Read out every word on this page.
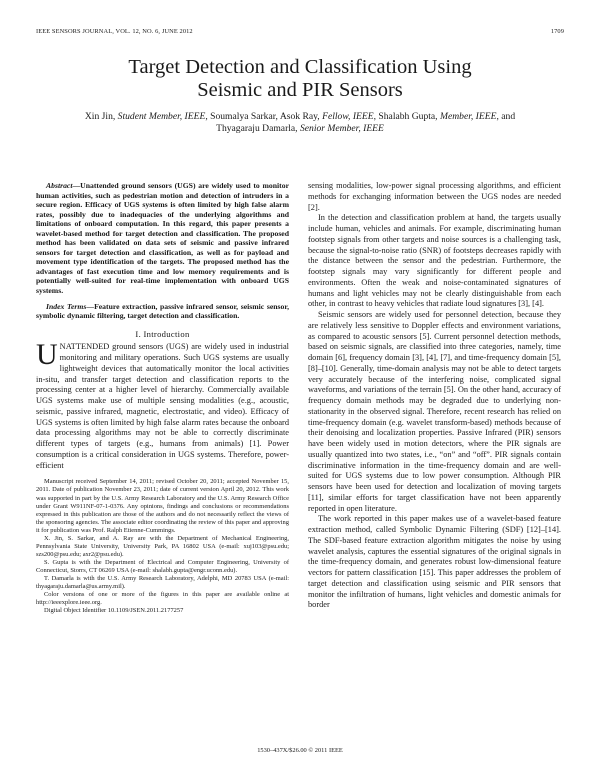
IEEE SENSORS JOURNAL, VOL. 12, NO. 6, JUNE 2012	1709
Target Detection and Classification Using
Seismic and PIR Sensors
Xin Jin, Student Member, IEEE, Soumalya Sarkar, Asok Ray, Fellow, IEEE, Shalabh Gupta, Member, IEEE, and
Thyagaraju Damarla, Senior Member, IEEE

Abstract—Unattended ground sensors (UGS) are widely used to monitor human activities, such as pedestrian motion and detection of intruders in a secure region. Efficacy of UGS systems is often limited by high false alarm rates, possibly due to inadequacies of the underlying algorithms and limitations of onboard computation. In this regard, this paper presents a wavelet-based method for target detection and classification. The proposed method has been validated on data sets of seismic and passive infrared sensors for target detection and classification, as well as for payload and movement type identification of the targets. The proposed method has the advantages of fast execution time and low memory requirements and is potentially well-suited for real-time implementation with onboard UGS systems.

Index Terms—Feature extraction, passive infrared sensor, seismic sensor, symbolic dynamic filtering, target detection and classification.

I. Introduction

UNATTENDED ground sensors (UGS) are widely used in industrial monitoring and military operations. Such UGS systems are usually lightweight devices that automatically monitor the local activities in-situ, and transfer target detection and classification reports to the processing center at a higher level of hierarchy. Commercially available UGS systems make use of multiple sensing modalities (e.g., acoustic, seismic, passive infrared, magnetic, electrostatic, and video). Efficacy of UGS systems is often limited by high false alarm rates because the onboard data processing algorithms may not be able to correctly discriminate different types of targets (e.g., humans from animals) [1]. Power consumption is a critical consideration in UGS systems. Therefore, power-efficient

Manuscript received September 14, 2011; revised October 20, 2011; accepted November 15, 2011. Date of publication November 23, 2011; date of current version April 20, 2012. This work was supported in part by the U.S. Army Research Laboratory and the U.S. Army Research Office under Grant W911NF-07-1-0376. Any opinions, findings and conclusions or recommendations expressed in this publication are those of the authors and do not necessarily reflect the views of the sponsoring agencies. The associate editor coordinating the review of this paper and approving it for publication was Prof. Ralph Etienne-Cummings.

X. Jin, S. Sarkar, and A. Ray are with the Department of Mechanical Engineering, Pennsylvania State University, University Park, PA 16802 USA (e-mail: xuj103@psu.edu; szs200@psu.edu; axr2@psu.edu).

S. Gupta is with the Department of Electrical and Computer Engineering, University of Connecticut, Storrs, CT 06269 USA (e-mail: shalabh.gupta@engr.uconn.edu).

T. Damarla is with the U.S. Army Research Laboratory, Adelphi, MD 20783 USA (e-mail: thyagaraju.damarla@us.army.mil).

Color versions of one or more of the figures in this paper are available online at http://ieeexplore.ieee.org.

Digital Object Identifier 10.1109/JSEN.2011.2177257

sensing modalities, low-power signal processing algorithms, and efficient methods for exchanging information between the UGS nodes are needed [2].

In the detection and classification problem at hand, the targets usually include human, vehicles and animals. For example, discriminating human footstep signals from other targets and noise sources is a challenging task, because the signal-to-noise ratio (SNR) of footsteps decreases rapidly with the distance between the sensor and the pedestrian. Furthermore, the footstep signals may vary significantly for different people and environments. Often the weak and noise-contaminated signatures of humans and light vehicles may not be clearly distinguishable from each other, in contrast to heavy vehicles that radiate loud signatures [3], [4].

Seismic sensors are widely used for personnel detection, because they are relatively less sensitive to Doppler effects and environment variations, as compared to acoustic sensors [5]. Current personnel detection methods, based on seismic signals, are classified into three categories, namely, time domain [6], frequency domain [3], [4], [7], and time-frequency domain [5], [8]–[10]. Generally, time-domain analysis may not be able to detect targets very accurately because of the interfering noise, complicated signal waveforms, and variations of the terrain [5]. On the other hand, accuracy of frequency domain methods may be degraded due to underlying non-stationarity in the observed signal. Therefore, recent research has relied on time-frequency domain (e.g. wavelet transform-based) methods because of their denoising and localization properties. Passive Infrared (PIR) sensors have been widely used in motion detectors, where the PIR signals are usually quantized into two states, i.e., “on” and “off”. PIR signals contain discriminative information in the time-frequency domain and are well-suited for UGS systems due to low power consumption. Although PIR sensors have been used for detection and localization of moving targets [11], similar efforts for target classification have not been apparently reported in open literature.

The work reported in this paper makes use of a wavelet-based feature extraction method, called Symbolic Dynamic Filtering (SDF) [12]–[14]. The SDF-based feature extraction algorithm mitigates the noise by using wavelet analysis, captures the essential signatures of the original signals in the time-frequency domain, and generates robust low-dimensional feature vectors for pattern classification [15]. This paper addresses the problem of target detection and classification using seismic and PIR sensors that monitor the infiltration of humans, light vehicles and domestic animals for border

1530–437X/$26.00 © 2011 IEEE
